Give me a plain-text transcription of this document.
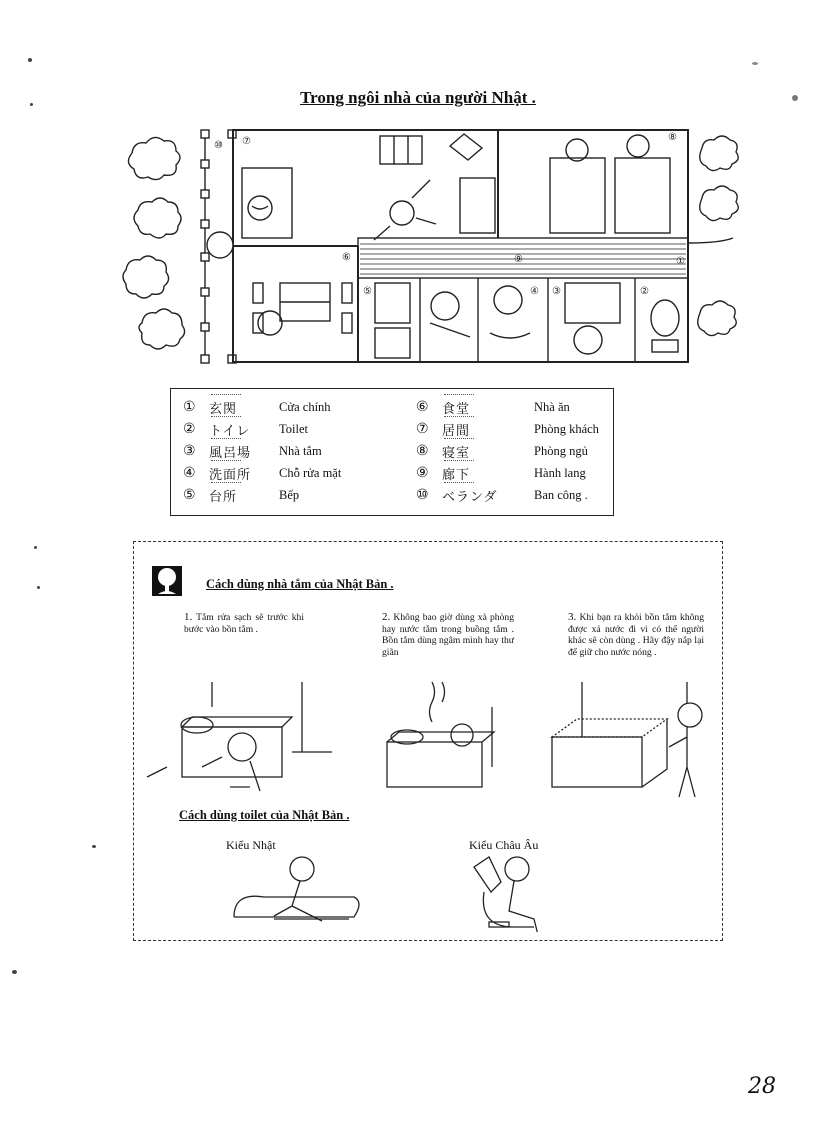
Trong ngôi nhà của người Nhật .
⑩ ⑦	⑧
⑥	⑨	①
⑤	④ ③	②
①	玄関	Cửa chính
②	トイレ	Toilet
③	風呂場	Nhà tắm
④	洗面所	Chỗ rửa mặt
⑤	台所	Bếp
⑥	食堂	Nhà ăn
⑦	居間	Phòng khách
⑧	寝室	Phòng ngủ
⑨	廊下	Hành lang
⑩	ベランダ	Ban công .
Cách dùng nhà tắm của Nhật Bản .
1. Tắm rửa sạch sẽ trước khi bước vào bồn tắm .
2. Không bao giờ dùng xà phòng hay nước tắm trong buồng tắm . Bồn tắm dùng ngâm mình hay thư giãn
3. Khi bạn ra khỏi bồn tắm không được xả nước đi vì có thể người khác sẽ còn dùng . Hãy đậy nắp lại để giữ cho nước nóng .
Cách dùng toilet của Nhật Bản .
Kiểu Nhật	Kiểu Châu Âu
28
